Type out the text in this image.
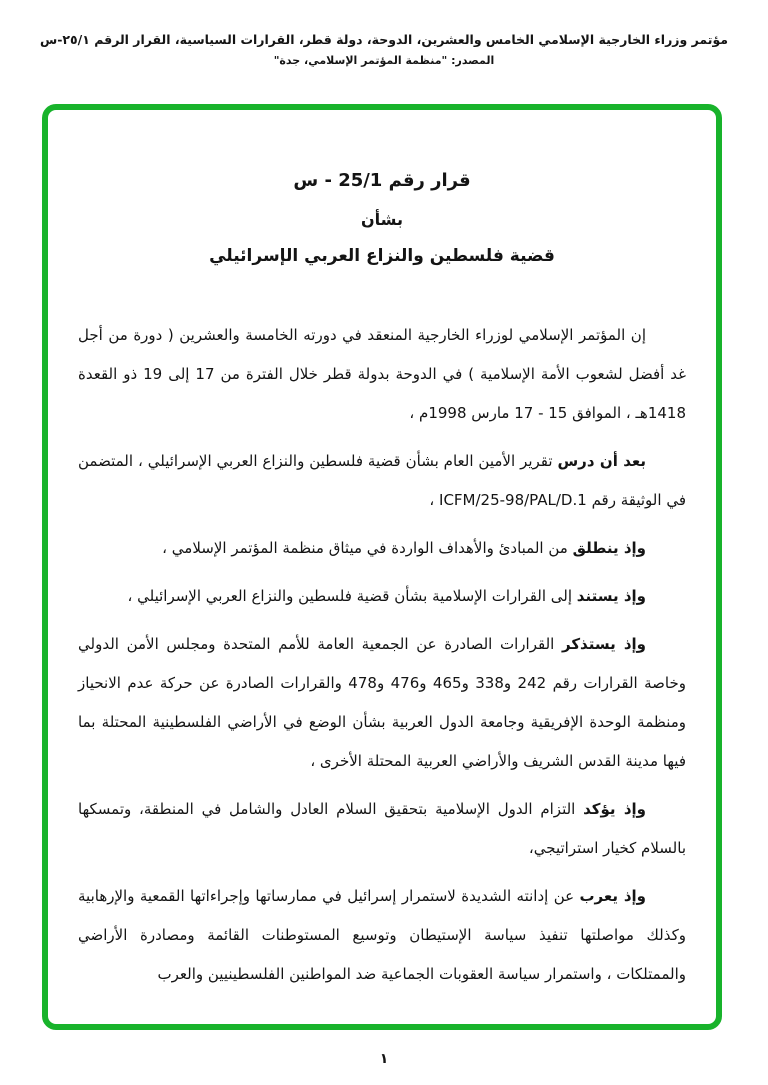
مؤتمر وزراء الخارجية الإسلامي الخامس والعشرين، الدوحة، دولة قطر، القرارات السياسية، القرار الرقم ٢٥/١-س
المصدر: "منظمة المؤتمر الإسلامي، جدة"
قرار رقم 25/1 - س
بشأن
قضية فلسطين والنزاع العربي الإسرائيلي

إن المؤتمر الإسلامي لوزراء الخارجية المنعقد في دورته الخامسة والعشرين ( دورة من أجل غد أفضل لشعوب الأمة الإسلامية ) في الدوحة بدولة قطر خلال الفترة من 17 إلى 19 ذو القعدة 1418هـ ، الموافق 15 - 17 مارس 1998م ،

بعد أن درس تقرير الأمين العام بشأن قضية فلسطين والنزاع العربي الإسرائيلي ، المتضمن في الوثيقة رقم ICFM/25-98/PAL/D.1 ،

وإذ ينطلق من المبادئ والأهداف الواردة في ميثاق منظمة المؤتمر الإسلامي ،

وإذ يستند إلى القرارات الإسلامية بشأن قضية فلسطين والنزاع العربي الإسرائيلي ،

وإذ يستذكر القرارات الصادرة عن الجمعية العامة للأمم المتحدة ومجلس الأمن الدولي وخاصة القرارات رقم 242 و338 و465 و476 و478 والقرارات الصادرة عن حركة عدم الانحياز ومنظمة الوحدة الإفريقية وجامعة الدول العربية بشأن الوضع في الأراضي الفلسطينية المحتلة بما فيها مدينة القدس الشريف والأراضي العربية المحتلة الأخرى ،

وإذ يؤكد التزام الدول الإسلامية بتحقيق السلام العادل والشامل في المنطقة، وتمسكها بالسلام كخيار استراتيجي،

وإذ يعرب عن إدانته الشديدة لاستمرار إسرائيل في ممارساتها وإجراءاتها القمعية والإرهابية وكذلك مواصلتها تنفيذ سياسة الإستيطان وتوسيع المستوطنات القائمة ومصادرة الأراضي والممتلكات ، واستمرار سياسة العقوبات الجماعية ضد المواطنين الفلسطينيين والعرب

١
